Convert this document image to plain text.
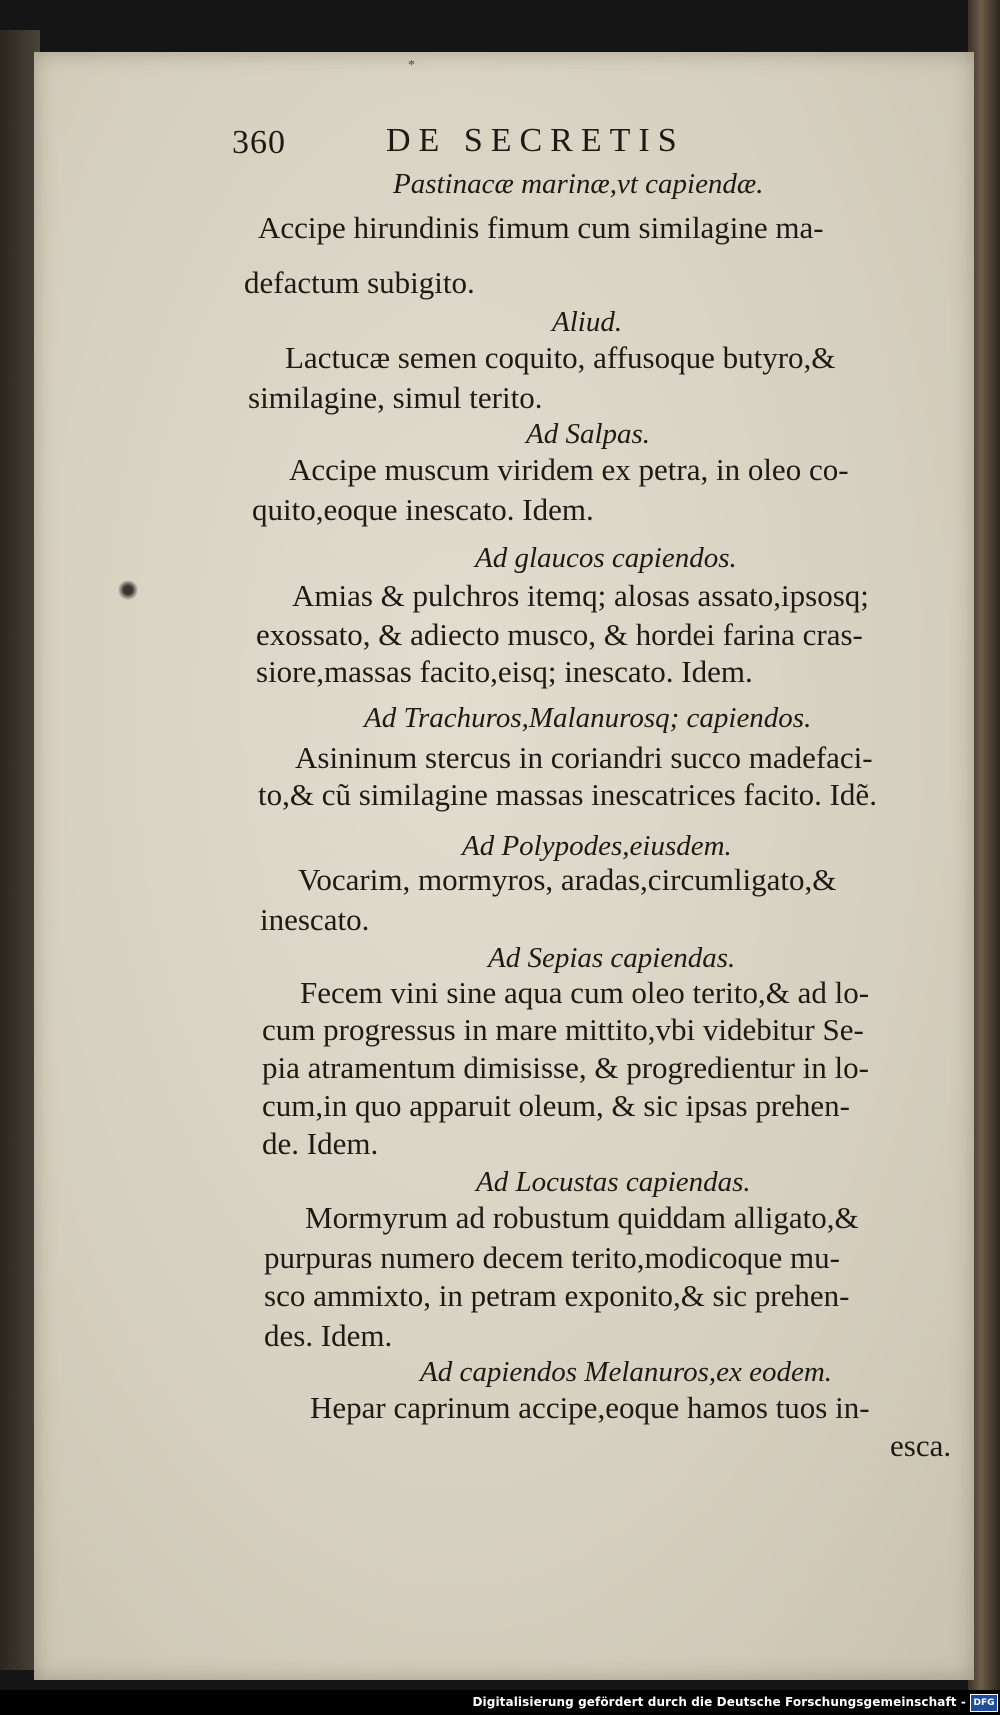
*
360	DE SECRETIS
Pastinacæ marinæ,vt capiendæ.
Accipe hirundinis fimum cum similagine ma-
defactum subigito.
Aliud.
Lactucæ semen coquito, affusoque butyro,&
similagine, simul terito.
Ad Salpas.
Accipe muscum viridem ex petra, in oleo co-
quito,eoque inescato. Idem.
Ad glaucos capiendos.
Amias & pulchros itemq; alosas assato,ipsosq;
exossato, & adiecto musco, & hordei farina cras-
siore,massas facito,eisq; inescato. Idem.
Ad Trachuros,Malanurosq; capiendos.
Asininum stercus in coriandri succo madefaci-
to,& cũ similagine massas inescatrices facito. Idẽ.
Ad Polypodes,eiusdem.
Vocarim, mormyros, aradas,circumligato,&
inescato.
Ad Sepias capiendas.
Fecem vini sine aqua cum oleo terito,& ad lo-
cum progressus in mare mittito,vbi videbitur Se-
pia atramentum dimisisse, & progredientur in lo-
cum,in quo apparuit oleum, & sic ipsas prehen-
de. Idem.
Ad Locustas capiendas.
Mormyrum ad robustum quiddam alligato,&
purpuras numero decem terito,modicoque mu-
sco ammixto, in petram exponito,& sic prehen-
des. Idem.
Ad capiendos Melanuros,ex eodem.
Hepar caprinum accipe,eoque hamos tuos in-
esca.
Digitalisierung gefördert durch die Deutsche Forschungsgemeinschaft - DFG
